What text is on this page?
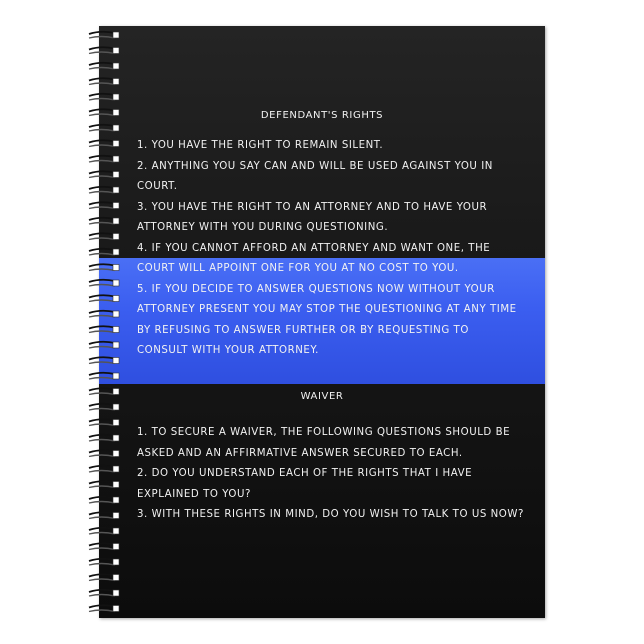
DEFENDANT'S RIGHTS
1. YOU HAVE THE RIGHT TO REMAIN SILENT.
2. ANYTHING YOU SAY CAN AND WILL BE USED AGAINST YOU IN
COURT.
3. YOU HAVE THE RIGHT TO AN ATTORNEY AND TO HAVE YOUR
ATTORNEY WITH YOU DURING QUESTIONING.
4. IF YOU CANNOT AFFORD AN ATTORNEY AND WANT ONE, THE
COURT WILL APPOINT ONE FOR YOU AT NO COST TO YOU.
5. IF YOU DECIDE TO ANSWER QUESTIONS NOW WITHOUT YOUR
ATTORNEY PRESENT YOU MAY STOP THE QUESTIONING AT ANY TIME
BY REFUSING TO ANSWER FURTHER OR BY REQUESTING TO
CONSULT WITH YOUR ATTORNEY.
WAIVER
1. TO SECURE A WAIVER, THE FOLLOWING QUESTIONS SHOULD BE
ASKED AND AN AFFIRMATIVE ANSWER SECURED TO EACH.
2. DO YOU UNDERSTAND EACH OF THE RIGHTS THAT I HAVE
EXPLAINED TO YOU?
3. WITH THESE RIGHTS IN MIND, DO YOU WISH TO TALK TO US NOW?
